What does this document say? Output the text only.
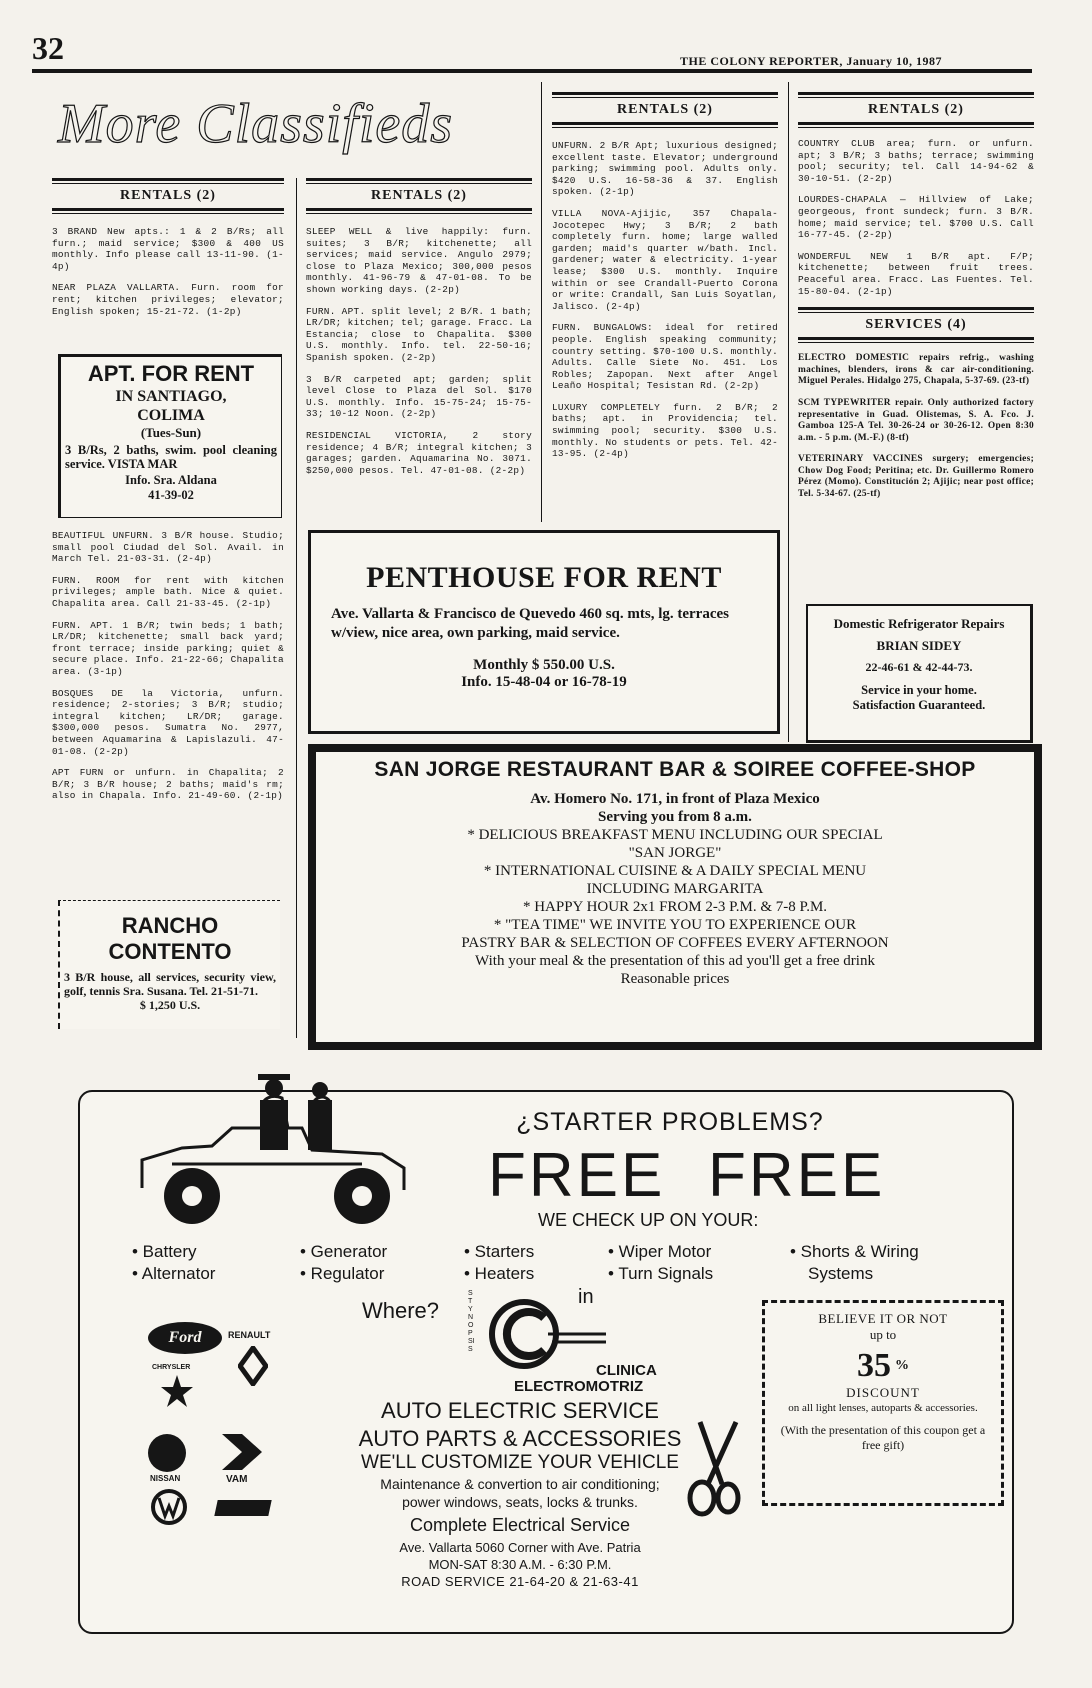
32	THE COLONY REPORTER, January 10, 1987
More Classifieds
RENTALS (2)

3 BRAND New apts.: 1 & 2 B/Rs; all furn.; maid service; $300 & 400 US monthly. Info please call 13-11-90. (1-4p)

NEAR PLAZA VALLARTA. Furn. room for rent; kitchen privileges; elevator; English spoken; 15-21-72. (1-2p)

APT. FOR RENT
IN SANTIAGO, COLIMA
(Tues-Sun)
3 B/Rs, 2 baths, swim. pool cleaning service. VISTA MAR
Info. Sra. Aldana
41-39-02

BEAUTIFUL UNFURN. 3 B/R house. Studio; small pool Ciudad del Sol. Avail. in March Tel. 21-03-31. (2-4p)

FURN. ROOM for rent with kitchen privileges; ample bath. Nice & quiet. Chapalita area. Call 21-33-45. (2-1p)

FURN. APT. 1 B/R; twin beds; 1 bath; LR/DR; kitchenette; small back yard; front terrace; inside parking; quiet & secure place. Info. 21-22-66; Chapalita area. (3-1p)

BOSQUES DE la Victoria, unfurn. residence; 2-stories; 3 B/R; studio; integral kitchen; LR/DR; garage. $300,000 pesos. Sumatra No. 2977, between Aquamarina & Lapislazuli. 47-01-08. (2-2p)

APT FURN or unfurn. in Chapalita; 2 B/R; 3 B/R house; 2 baths; maid's rm; also in Chapala. Info. 21-49-60. (2-1p)

RANCHO CONTENTO
3 B/R house, all services, security view, golf, tennis Sra. Susana. Tel. 21-51-71.
$ 1,250 U.S.
RENTALS (2)

SLEEP WELL & live happily: furn. suites; 3 B/R; kitchenette; all services; maid service. Angulo 2979; close to Plaza Mexico; 300,000 pesos monthly. 41-96-79 & 47-01-08. To be shown working days. (2-2p)

FURN. APT. split level; 2 B/R. 1 bath; LR/DR; kitchen; tel; garage. Fracc. La Estancia; close to Chapalita. $300 U.S. monthly. Info. tel. 22-50-16; Spanish spoken. (2-2p)

3 B/R carpeted apt; garden; split level Close to Plaza del Sol. $170 U.S. monthly. Info. 15-75-24; 15-75-33; 10-12 Noon. (2-2p)

RESIDENCIAL VICTORIA, 2 story residence; 4 B/R; integral kitchen; 3 garages; garden. Aquamarina No. 3071. $250,000 pesos. Tel. 47-01-08. (2-2p)

RENTALS (2)

UNFURN. 2 B/R Apt; luxurious designed; excellent taste. Elevator; underground parking; swimming pool. Adults only. $420 U.S. 16-58-36 & 37. English spoken. (2-1p)

VILLA NOVA-Ajijic, 357 Chapala-Jocotepec Hwy; 3 B/R; 2 bath completely furn. home; large walled garden; maid's quarter w/bath. Incl. gardener; water & electricity. 1-year lease; $300 U.S. monthly. Inquire within or see Crandall-Puerto Corona or write: Crandall, San Luis Soyatlan, Jalisco. (2-4p)

FURN. BUNGALOWS: ideal for retired people. English speaking community; country setting. $70-100 U.S. monthly. Adults. Calle Siete No. 451. Los Robles; Zapopan. Next after Angel Leaño Hospital; Tesistan Rd. (2-2p)

LUXURY COMPLETELY furn. 2 B/R; 2 baths; apt. in Providencia; tel. swimming pool; security. $300 U.S. monthly. No students or pets. Tel. 42-13-95. (2-4p)

RENTALS (2)

COUNTRY CLUB area; furn. or unfurn. apt; 3 B/R; 3 baths; terrace; swimming pool; security; tel. Call 14-94-62 & 30-10-51. (2-2p)

LOURDES-CHAPALA — Hillview of Lake; georgeous, front sundeck; furn. 3 B/R. home; maid service; tel. $700 U.S. Call 16-77-45. (2-2p)

WONDERFUL NEW 1 B/R apt. F/P; kitchenette; between fruit trees. Peaceful area. Fracc. Las Fuentes. Tel. 15-80-04. (2-1p)

SERVICES (4)

ELECTRO DOMESTIC repairs refrig., washing machines, blenders, irons & car air-conditioning. Miguel Perales. Hidalgo 275, Chapala, 5-37-69. (23-tf)

SCM TYPEWRITER repair. Only authorized factory representative in Guad. Olistemas, S. A. Fco. J. Gamboa 125-A Tel. 30-26-24 or 30-26-12. Open 8:30 a.m. - 5 p.m. (M.-F.) (8-tf)

VETERINARY VACCINES surgery; emergencies; Chow Dog Food; Peritina; etc. Dr. Guillermo Romero Pérez (Momo). Constitución 2; Ajijic; near post office; Tel. 5-34-67. (25-tf)

Domestic Refrigerator Repairs
BRIAN SIDEY
22-46-61 & 42-44-73.
Service in your home.
Satisfaction Guaranteed.
PENTHOUSE FOR RENT
Ave. Vallarta & Francisco de Quevedo 460 sq. mts, lg. terraces w/view, nice area, own parking, maid service.
Monthly $ 550.00 U.S.
Info. 15-48-04 or 16-78-19
SAN JORGE RESTAURANT BAR & SOIREE COFFEE-SHOP
Av. Homero No. 171, in front of Plaza Mexico
Serving you from 8 a.m.
* DELICIOUS BREAKFAST MENU INCLUDING OUR SPECIAL
"SAN JORGE"
* INTERNATIONAL CUISINE & A DAILY SPECIAL MENU
INCLUDING MARGARITA
* HAPPY HOUR 2x1 FROM 2-3 P.M. & 7-8 P.M.
* "TEA TIME" WE INVITE YOU TO EXPERIENCE OUR
PASTRY BAR & SELECTION OF COFFEES EVERY AFTERNOON
With your meal & the presentation of this ad you'll get a free drink
Reasonable prices
¿STARTER PROBLEMS?
FREE FREE
WE CHECK UP ON YOUR:
• Battery
• Alternator
• Generator
• Regulator
• Starters
• Heaters
• Wiper Motor
• Turn Signals
• Shorts & Wiring
Systems
Where?
STYNOPSIS
in
CLINICA
ELECTROMOTRIZ
AUTO ELECTRIC SERVICE
AUTO PARTS & ACCESSORIES
WE'LL CUSTOMIZE YOUR VEHICLE
Maintenance & convertion to air conditioning;
power windows, seats, locks & trunks.
Complete Electrical Service
Ave. Vallarta 5060 Corner with Ave. Patria
MON-SAT 8:30 A.M. - 6:30 P.M.
ROAD SERVICE 21-64-20 & 21-63-41
Ford	RENAULT
CHRYSLER
NISSAN	VAM
BELIEVE IT OR NOT
up to
35 %
DISCOUNT
on all light lenses, autoparts & accessories.
(With the presentation of this coupon get a free gift)
